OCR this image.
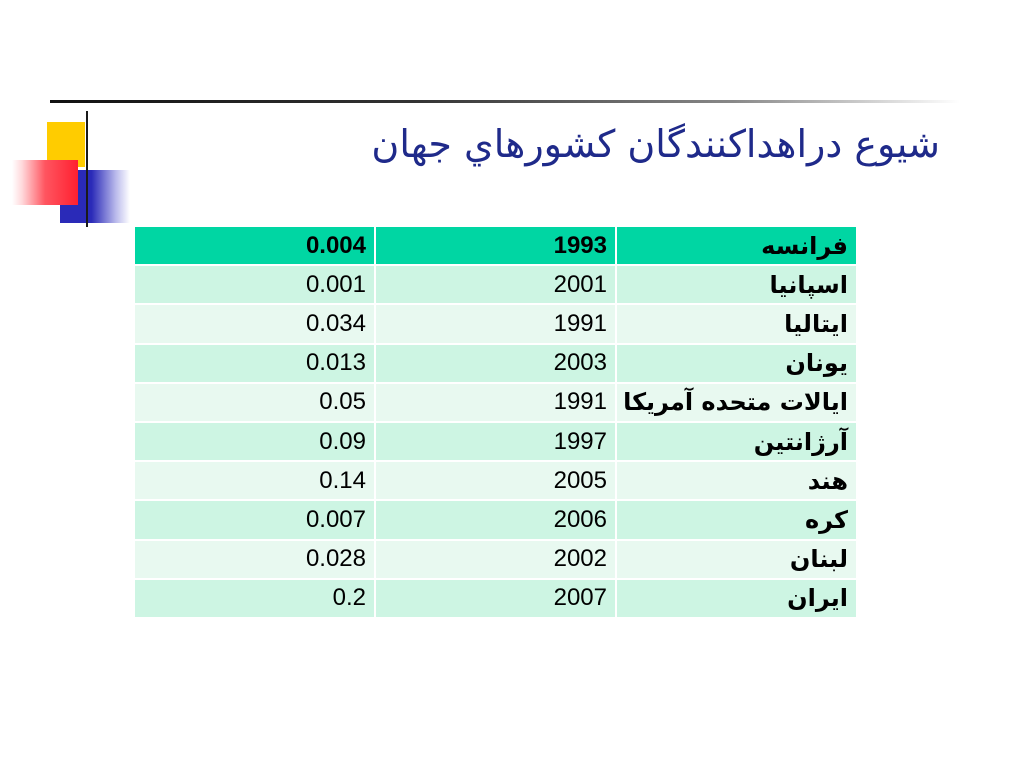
شيوع دراهداكنندگان كشورهاي جهان
0.004	1993	فرانسه
0.001	2001	اسپانيا
0.034	1991	ايتاليا
0.013	2003	يونان
0.05	1991	ايالات متحده آمريكا
0.09	1997	آرژانتين
0.14	2005	هند
0.007	2006	كره
0.028	2002	لبنان
0.2	2007	ايران
